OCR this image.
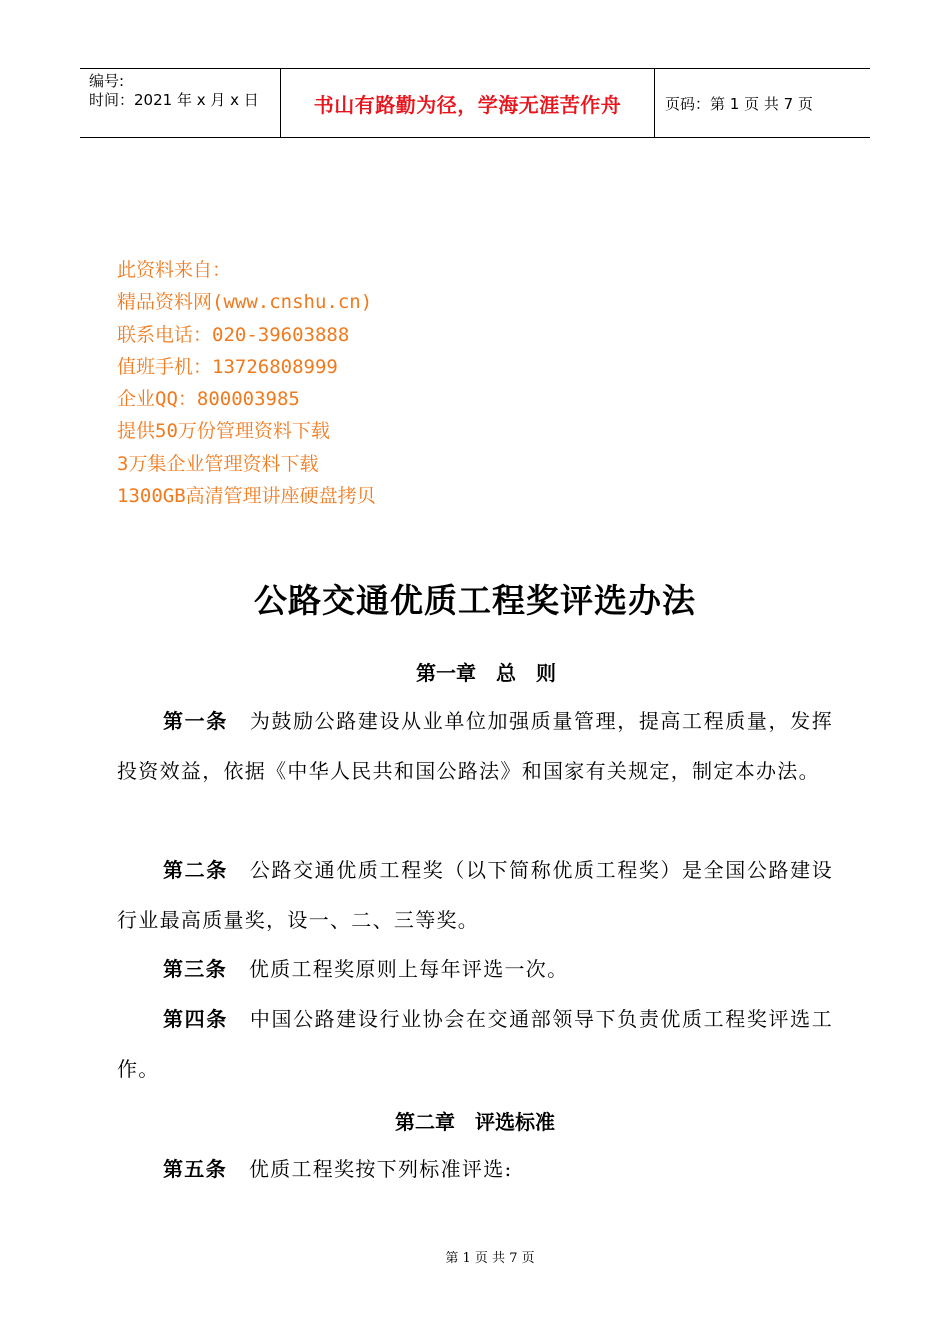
编号:
时间：2021 年 x 月 x 日	书山有路勤为径，学海无涯苦作舟	页码：第 1 页 共 7 页
此资料来自：
精品资料网(www.cnshu.cn)
联系电话：020-39603888
值班手机：13726808999
企业QQ：800003985
提供50万份管理资料下载
3万集企业管理资料下载
1300GB高清管理讲座硬盘拷贝
公路交通优质工程奖评选办法
第一章　总　则
第一条 为鼓励公路建设从业单位加强质量管理，提高工程质量，发挥投资效益，依据《中华人民共和国公路法》和国家有关规定，制定本办法。
第二条 公路交通优质工程奖（以下简称优质工程奖）是全国公路建设行业最高质量奖，设一、二、三等奖。
第三条 优质工程奖原则上每年评选一次。
第四条 中国公路建设行业协会在交通部领导下负责优质工程奖评选工作。
第二章　评选标准
第五条 优质工程奖按下列标准评选:
第 1 页 共 7 页
